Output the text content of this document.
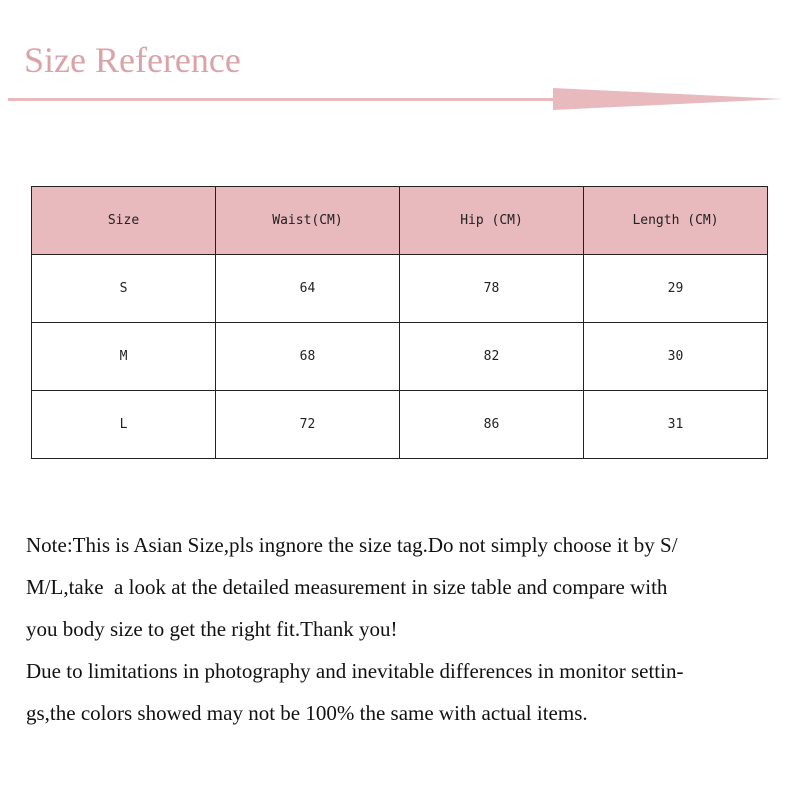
Size Reference
Size	Waist(CM)	Hip (CM)	Length (CM)
S	64	78	29
M	68	82	30
L	72	86	31

Note:This is Asian Size,pls ingnore the size tag.Do not simply choose it by S/

M/L,take  a look at the detailed measurement in size table and compare with

you body size to get the right fit.Thank you!

Due to limitations in photography and inevitable differences in monitor settin-

gs,the colors showed may not be 100% the same with actual items.
